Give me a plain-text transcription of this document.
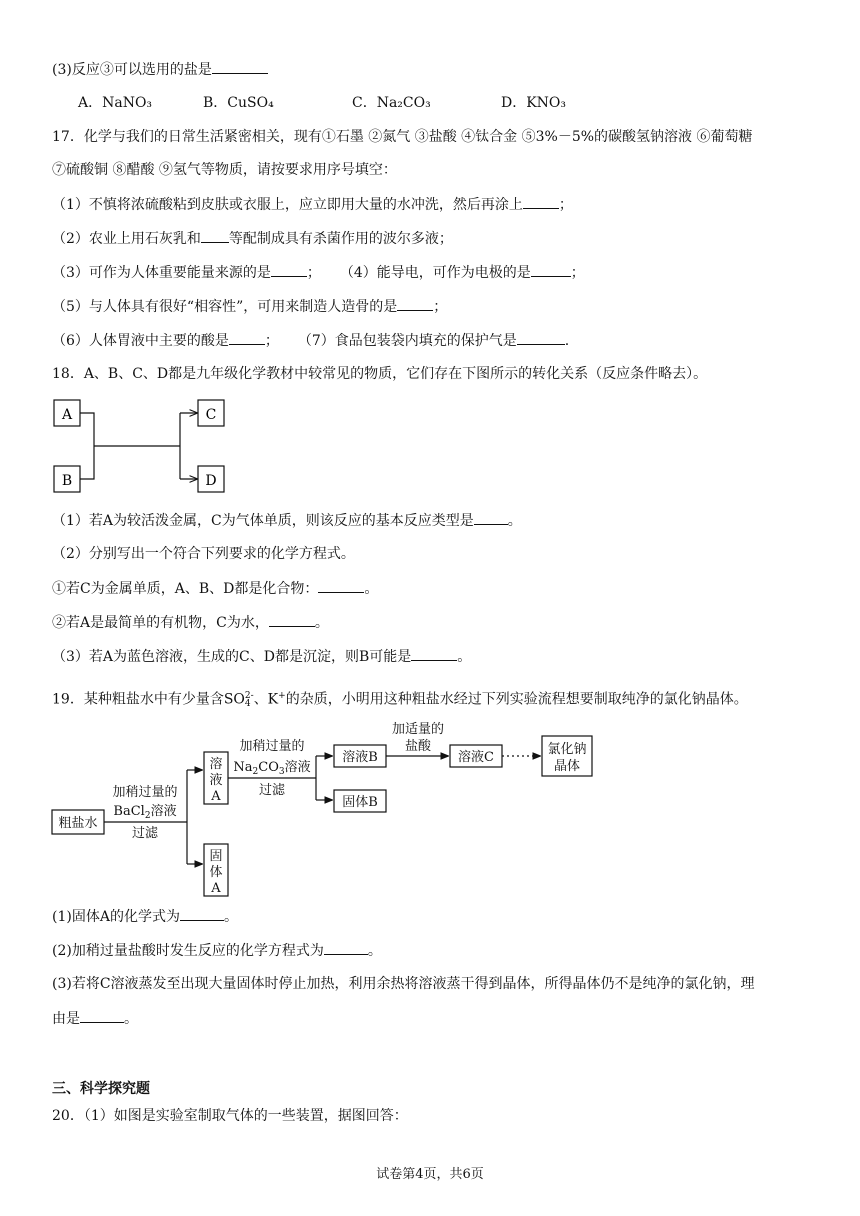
(3)反应③可以选用的盐是
A．NaNO₃	B．CuSO₄	C．Na₂CO₃	D．KNO₃
17．化学与我们的日常生活紧密相关，现有①石墨 ②氮气 ③盐酸 ④钛合金 ⑤3%－5%的碳酸氢钠溶液 ⑥葡萄糖
⑦硫酸铜 ⑧醋酸 ⑨氢气等物质，请按要求用序号填空：
（1）不慎将浓硫酸粘到皮肤或衣服上，应立即用大量的水冲洗，然后再涂上	；
（2）农业上用石灰乳和 等配制成具有杀菌作用的波尔多液；
（3）可作为人体重要能量来源的是	； （4）能导电，可作为电极的是	；
（5）与人体具有很好“相容性”，可用来制造人造骨的是	；
（6）人体胃液中主要的酸是	； （7）食品包装袋内填充的保护气是	.
18．A、B、C、D都是九年级化学教材中较常见的物质，它们存在下图所示的转化关系（反应条件略去）。
A
B
C
D
（1）若A为较活泼金属，C为气体单质，则该反应的基本反应类型是 。
（2）分别写出一个符合下列要求的化学方程式。
①若C为金属单质，A、B、D都是化合物：	。
②若A是最简单的有机物，C为水，	。
（3）若A为蓝色溶液，生成的C、D都是沉淀，则B可能是	。
19．某种粗盐水中有少量含SO 2-
4 、K+的杂质，小明用这种粗盐水经过下列实验流程想要制取纯净的氯化钠晶体。
粗盐水
加稍过量的
BaCl$_2$溶液
过滤
溶
液
A
固
体
A
加稍过量的
$Na_2CO_3$溶液
过滤
溶液B
固体B
加适量的
盐酸
溶液C
氯化钠
晶体
(1)固体A的化学式为	。
(2)加稍过量盐酸时发生反应的化学方程式为	。
(3)若将C溶液蒸发至出现大量固体时停止加热，利用余热将溶液蒸干得到晶体，所得晶体仍不是纯净的氯化钠，理
由是	。
三、科学探究题
20．（1）如图是实验室制取气体的一些装置，据图回答：
试卷第4页，共6页
